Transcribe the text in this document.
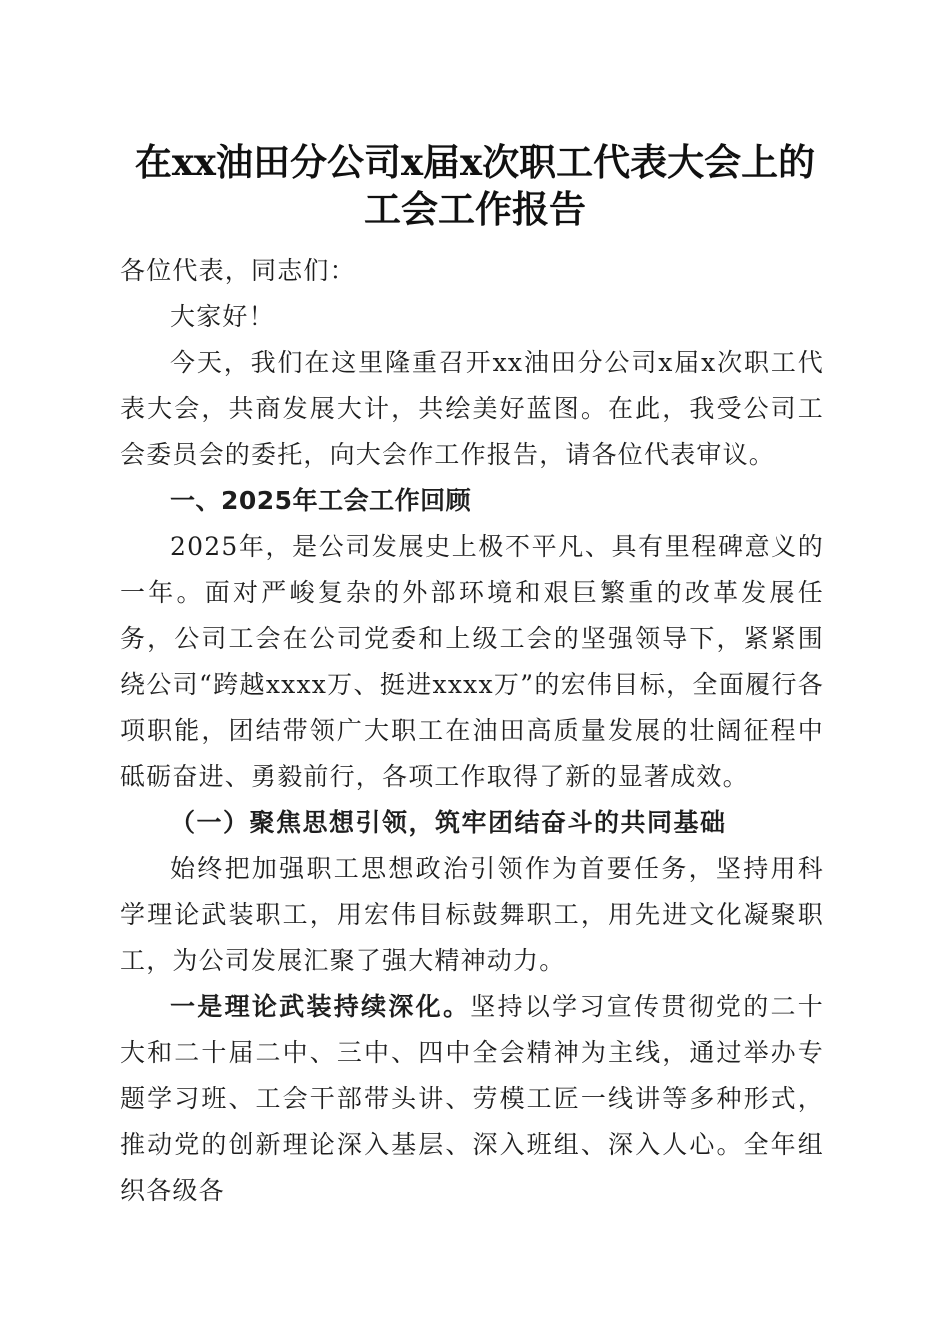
在xx油田分公司x届x次职工代表大会上的
工会工作报告

各位代表，同志们：

大家好！

今天，我们在这里隆重召开xx油田分公司x届x次职工代表大会，共商发展大计，共绘美好蓝图。在此，我受公司工会委员会的委托，向大会作工作报告，请各位代表审议。

一、2025年工会工作回顾

2025年，是公司发展史上极不平凡、具有里程碑意义的一年。面对严峻复杂的外部环境和艰巨繁重的改革发展任务，公司工会在公司党委和上级工会的坚强领导下，紧紧围绕公司“跨越xxxx万、挺进xxxx万”的宏伟目标，全面履行各项职能，团结带领广大职工在油田高质量发展的壮阔征程中砥砺奋进、勇毅前行，各项工作取得了新的显著成效。

（一）聚焦思想引领，筑牢团结奋斗的共同基础

始终把加强职工思想政治引领作为首要任务，坚持用科学理论武装职工，用宏伟目标鼓舞职工，用先进文化凝聚职工，为公司发展汇聚了强大精神动力。

一是理论武装持续深化。坚持以学习宣传贯彻党的二十大和二十届二中、三中、四中全会精神为主线，通过举办专题学习班、工会干部带头讲、劳模工匠一线讲等多种形式，推动党的创新理论深入基层、深入班组、深入人心。全年组织各级各
